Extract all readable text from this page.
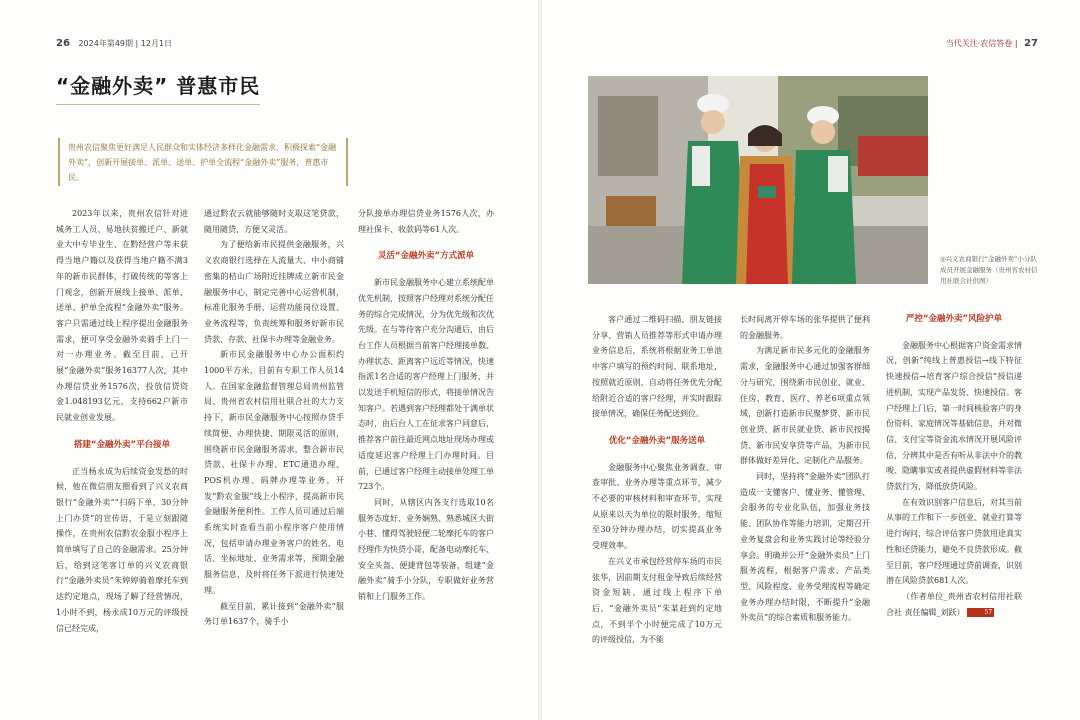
26 2024年第49期 | 12月1日
“金融外卖” 普惠市民
贵州农信聚焦更好满足人民群众和实体经济多样化金融需求，积极探索“金融外卖”，创新开展接单、派单、送单、护单全流程“金融外卖”服务，普惠市民。

2023年以来，贵州农信针对进城务工人员、易地扶贫搬迁户、新就业大中专毕业生、在黔经营户等未获得当地户籍以及获得当地户籍不满3年的新市民群体，打破传统的等客上门观念，创新开展线上接单、派单、送单、护单全流程“金融外卖”服务。客户只需通过线上程序提出金融服务需求，便可享受金融外卖骑手上门一对一办理业务。截至目前，已开展“金融外卖”服务16377人次，其中办理信贷业务1576次，投放信贷资金1.048193亿元，支持662户新市民就业创业发展。

搭建“金融外卖”平台接单

正当杨永成为后续资金发愁的时候，他在微信朋友圈看到了兴义农商银行“金融外卖”“扫码下单，30分钟上门办贷”的宣传语，于是立刻跟随操作，在贵州农信黔农金服小程序上简单填写了自己的金融需求。25分钟后，给到这笔客订单的兴义农商银行“金融外卖员”朱婷婷骑着摩托车到达约定地点，现场了解了经营情况，1小时不到，杨永成10万元的评级授信已经完成，

通过黔农云就能够随时支取这笔贷款，随用随贷，方便又灵活。

为了便给新市民提供金融服务，兴义农商银行选择在人流量大、中小商铺密集的桔山广场附近挂牌成立新市民金融服务中心，制定完善中心运营机制，标准化服务手册、运营功能岗位设置、业务流程等，负责统筹和服务好新市民贷款、存款、社保卡办理等金融业务。

新市民金融服务中心办公面积约1000平方米，目前有专职工作人员14人。在国家金融监督管理总局贵州监管局、贵州省农村信用社联合社的大力支持下，新市民金融服务中心按照办贷手续简便、办理快捷、期限灵活的原则，围绕新市民金融服务需求，整合新市民贷款、社保卡办理、ETC通道办理、POS机办理、码牌办理等业务，开发“黔农金服”线上小程序，提高新市民金融服务便利性。工作人员可通过后端系统实时查看当前小程序客户使用情况，包括申请办理业务客户的姓名、电话、坐标地址、业务需求等，预期金融服务信息，及时将任务下派进行快速处理。

截至目前，累计接到“金融外卖”服务订单1637个，骑手小

分队接单办理信贷业务1576人次，办理社保卡、收款码等61人次。

灵活“金融外卖”方式派单

新市民金融服务中心建立系统配单优先机制，按照客户经理对系统分配任务的综合完成情况，分为优先级和次优先级。在与等待客户充分沟通后，由后台工作人员根据当前客户经理接单数、办理状态、距离客户远近等情况，快速指派1名合适的客户经理上门服务，并以发送手机短信的形式，将接单情况告知客户。若遇到客户经理都处于满单状态时，由后台人工在征求客户同意后，推荐客户前往最近网点地址现场办理或适度延迟客户经理上门办理时间。目前，已通过客户经理主动接单处理工单723个。

同时，从辖区内各支行选取10名服务态度好、业务娴熟、熟悉城区大街小巷、懂得驾驶轻便二轮摩托车的客户经理作为快贷小哥，配备电动摩托车、安全头盔、便捷背包等装备，组建“金融外卖”骑手小分队，专职做好业务营销和上门服务工作。

当代关注·农信答卷 | 27
◎兴义农商银行“金融外卖”小分队成员开展金融服务（贵州省农村信用社联合社供图）

客户通过二维码扫描、朋友链接分享、营销人员推荐等形式申请办理业务信息后，系统将根据业务工单池中客户填写的预约时间、联系地址，按照就近原则，自动将任务优先分配给附近合适的客户经理，并实时跟踪接单情况，确保任务配送到位。

优化“金融外卖”服务送单

金融服务中心聚焦业务调查、审查审批、业务办理等重点环节，减少不必要的审核材料和审查环节，实现从原来以天为单位的限时服务，缩短至30分钟办理办结，切实提高业务受理效率。

在兴义市承包经营停车场的市民张华，因前期支付租金导致后续经营资金短缺，通过线上程序下单后，“金融外卖员”朱某赶到约定地点，不到半个小时便完成了10万元的评级授信，为不能

长时间离开停车场的张华提供了便利的金融服务。

为满足新市民多元化的金融服务需求，金融服务中心通过加强客群细分与研究，围绕新市民创业、就业、住房、教育、医疗、养老6项重点领域，创新打造新市民聚梦贷、新市民创业贷、新市民就业贷、新市民按揭贷、新市民安享贷等产品，为新市民群体做好差异化、定制化产品服务。

同时，坚持将“金融外卖”团队打造成一支懂客户、懂业务、懂管理、会服务的专业化队伍，加强业务技能、团队协作等能力培训，定期召开业务复盘会和业务实践讨论等经验分享会。明确并公开“金融外卖员”上门服务流程，根据客户需求、产品类型、风险程度、业务受理流程等确定业务办理办结时限，不断提升“金融外卖员”的综合素质和服务能力。

严控“金融外卖”风险护单

金融服务中心根据客户资金需求情况，创新“纯线上普惠授信→线下特征快速授信→培育客户综合授信”授信递进机制，实现产品发货、快速授信。客户经理上门后，第一时间核验客户的身份资料、家庭情况等基础信息，并对微信、支付宝等资金流水情况开展风险评估，分辨其中是否有听从非法中介的教唆、隐瞒事实或者提供虚假材料等非法贷款行为，降低放贷风险。

在有效识别客户信息后，对其当前从事的工作和下一步创业、就业打算等进行询问，综合评估客户贷款用途真实性和还贷能力，避免不良贷款形成。截至目前，客户经理通过贷前调查，识别潜在风险贷款681人次。

（作者单位_贵州省农村信用社联合社 责任编辑_刘跃）	57
